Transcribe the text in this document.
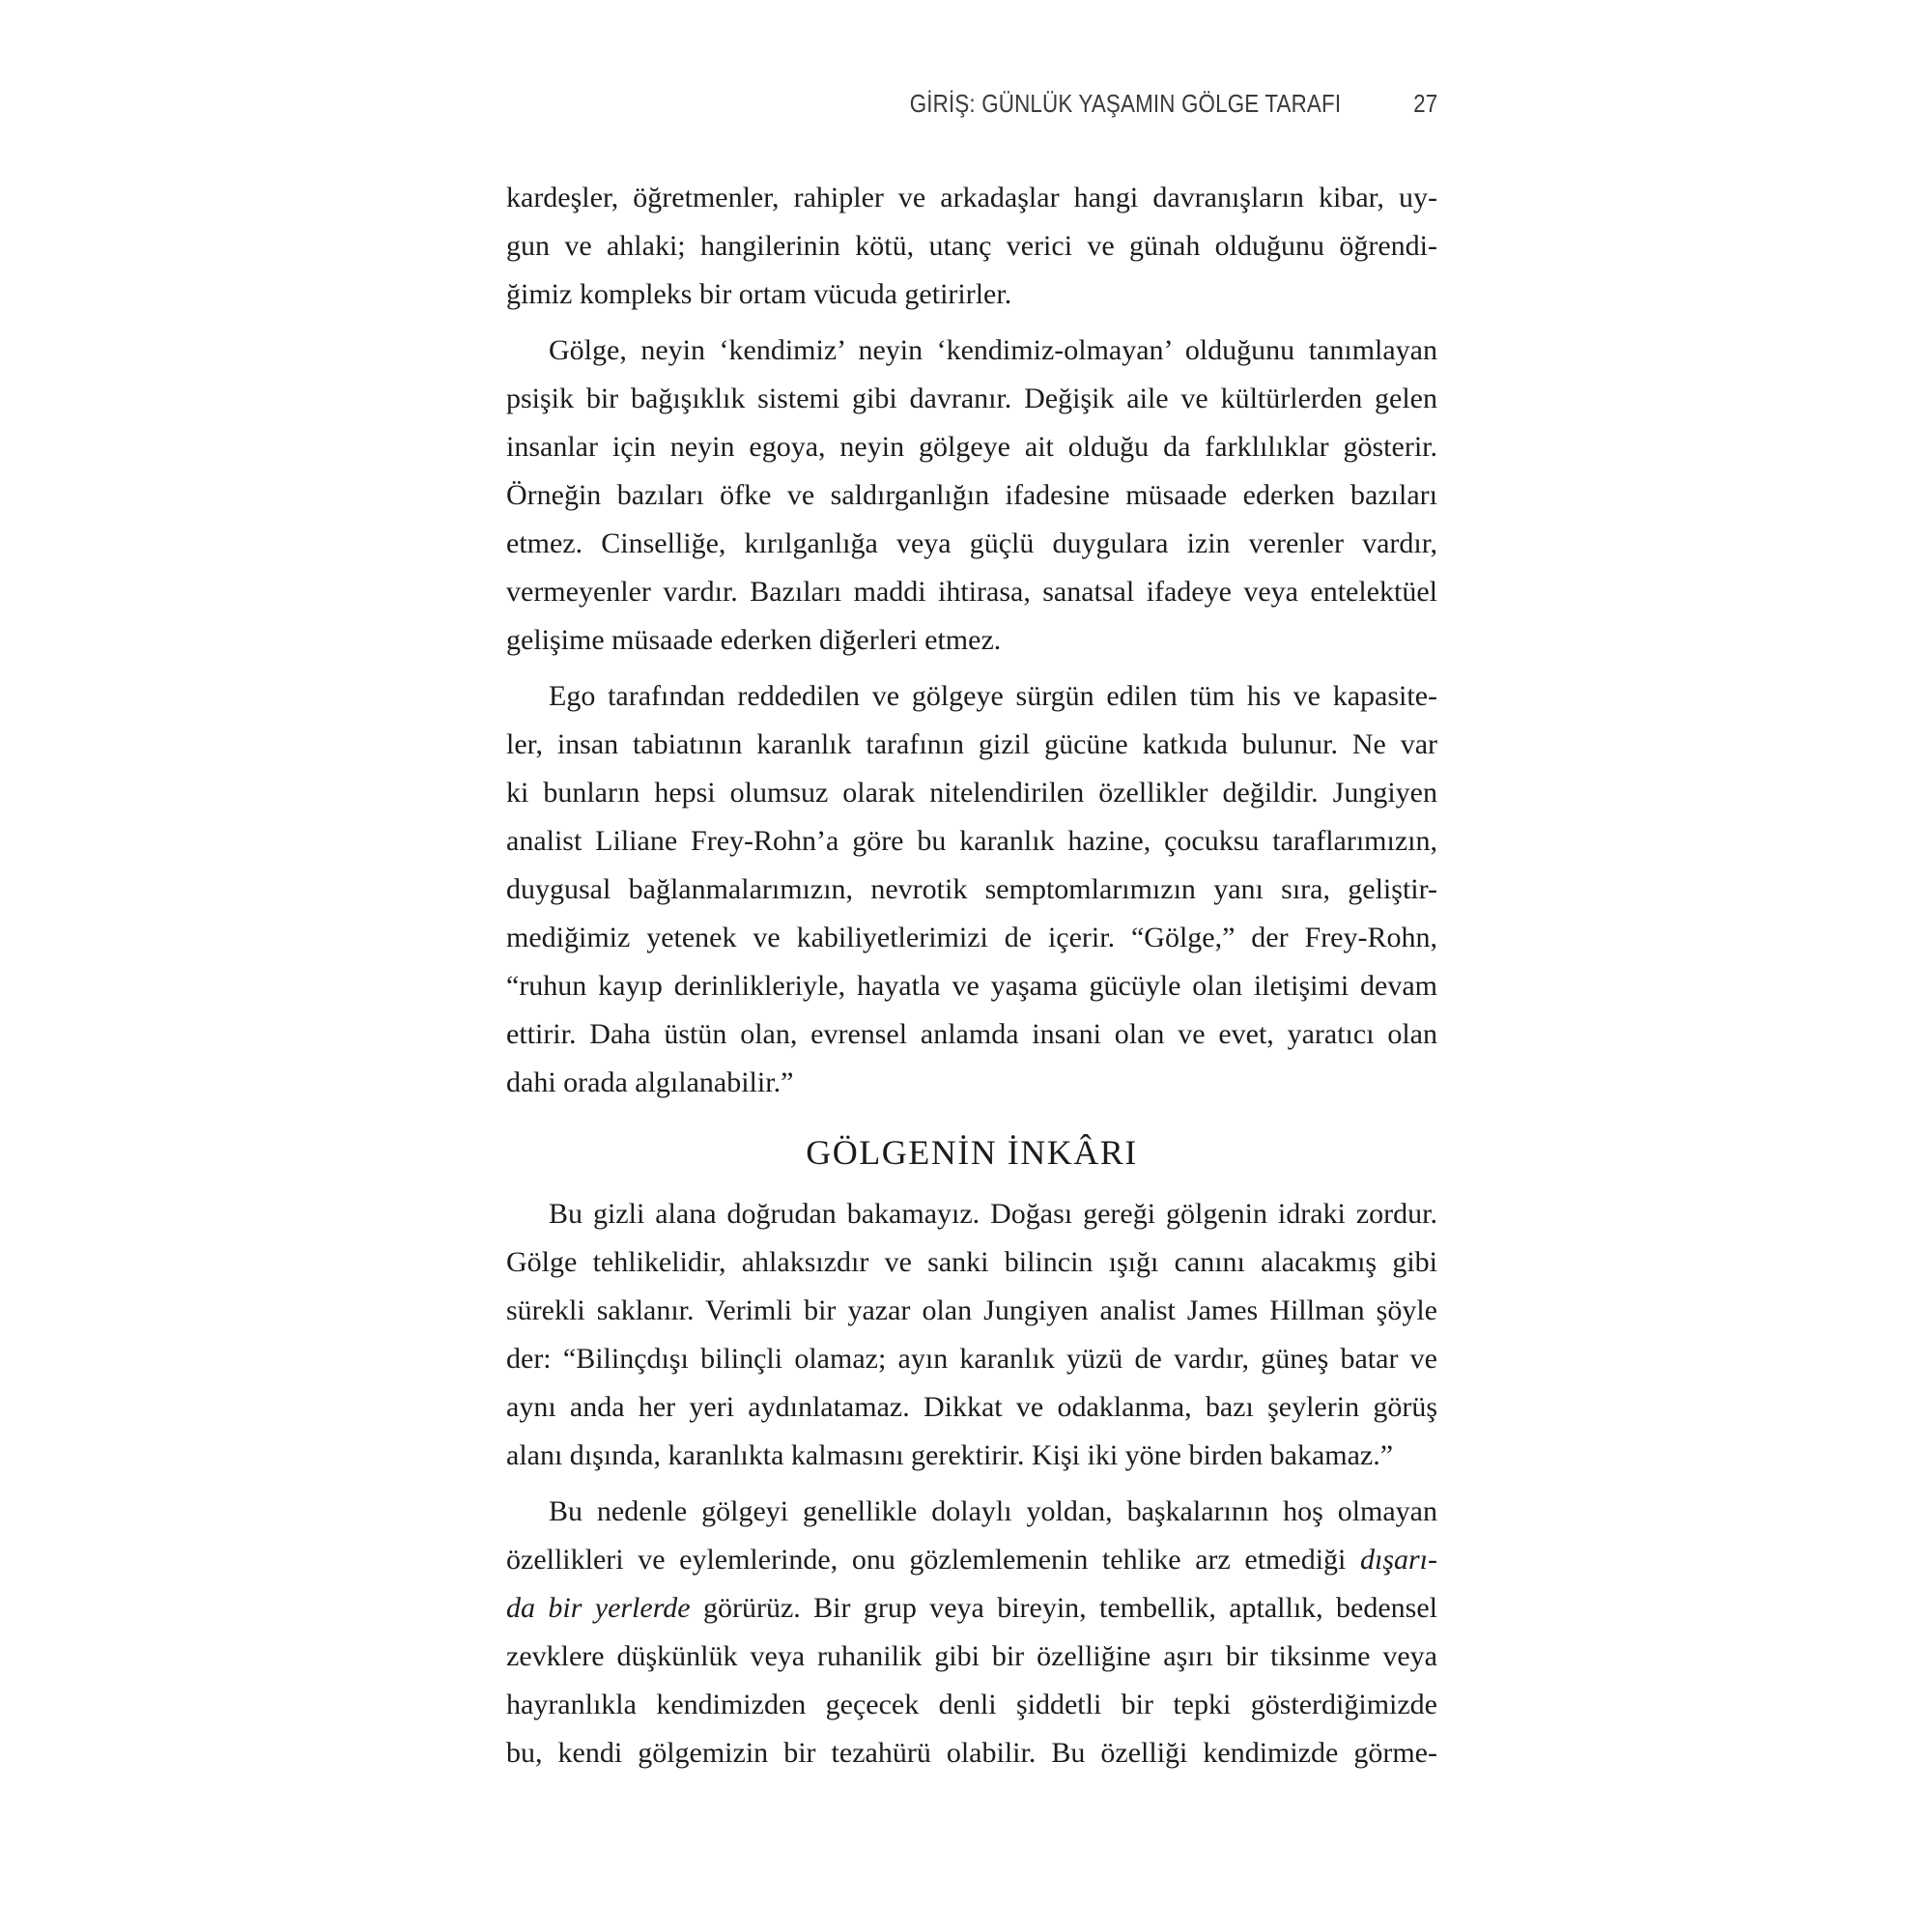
GİRİŞ: GÜNLÜK YAŞAMIN GÖLGE TARAFI	27
kardeşler, öğretmenler, rahipler ve arkadaşlar hangi davranışların kibar, uy-
gun ve ahlaki; hangilerinin kötü, utanç verici ve günah olduğunu öğrendi-
ğimiz kompleks bir ortam vücuda getirirler.
Gölge, neyin ‘kendimiz’ neyin ‘kendimiz-olmayan’ olduğunu tanımlayan
psişik bir bağışıklık sistemi gibi davranır. Değişik aile ve kültürlerden gelen
insanlar için neyin egoya, neyin gölgeye ait olduğu da farklılıklar gösterir.
Örneğin bazıları öfke ve saldırganlığın ifadesine müsaade ederken bazıları
etmez. Cinselliğe, kırılganlığa veya güçlü duygulara izin verenler vardır,
vermeyenler vardır. Bazıları maddi ihtirasa, sanatsal ifadeye veya entelektüel
gelişime müsaade ederken diğerleri etmez.
Ego tarafından reddedilen ve gölgeye sürgün edilen tüm his ve kapasite-
ler, insan tabiatının karanlık tarafının gizil gücüne katkıda bulunur. Ne var
ki bunların hepsi olumsuz olarak nitelendirilen özellikler değildir. Jungiyen
analist Liliane Frey-Rohn’a göre bu karanlık hazine, çocuksu taraflarımızın,
duygusal bağlanmalarımızın, nevrotik semptomlarımızın yanı sıra, geliştir-
mediğimiz yetenek ve kabiliyetlerimizi de içerir. “Gölge,” der Frey-Rohn,
“ruhun kayıp derinlikleriyle, hayatla ve yaşama gücüyle olan iletişimi devam
ettirir. Daha üstün olan, evrensel anlamda insani olan ve evet, yaratıcı olan
dahi orada algılanabilir.”
GÖLGENİN İNKÂRI
Bu gizli alana doğrudan bakamayız. Doğası gereği gölgenin idraki zordur.
Gölge tehlikelidir, ahlaksızdır ve sanki bilincin ışığı canını alacakmış gibi
sürekli saklanır. Verimli bir yazar olan Jungiyen analist James Hillman şöyle
der: “Bilinçdışı bilinçli olamaz; ayın karanlık yüzü de vardır, güneş batar ve
aynı anda her yeri aydınlatamaz. Dikkat ve odaklanma, bazı şeylerin görüş
alanı dışında, karanlıkta kalmasını gerektirir. Kişi iki yöne birden bakamaz.”
Bu nedenle gölgeyi genellikle dolaylı yoldan, başkalarının hoş olmayan
özellikleri ve eylemlerinde, onu gözlemlemenin tehlike arz etmediği dışarı-
da bir yerlerde görürüz. Bir grup veya bireyin, tembellik, aptallık, bedensel
zevklere düşkünlük veya ruhanilik gibi bir özelliğine aşırı bir tiksinme veya
hayranlıkla kendimizden geçecek denli şiddetli bir tepki gösterdiğimizde
bu, kendi gölgemizin bir tezahürü olabilir. Bu özelliği kendimizde görme-
